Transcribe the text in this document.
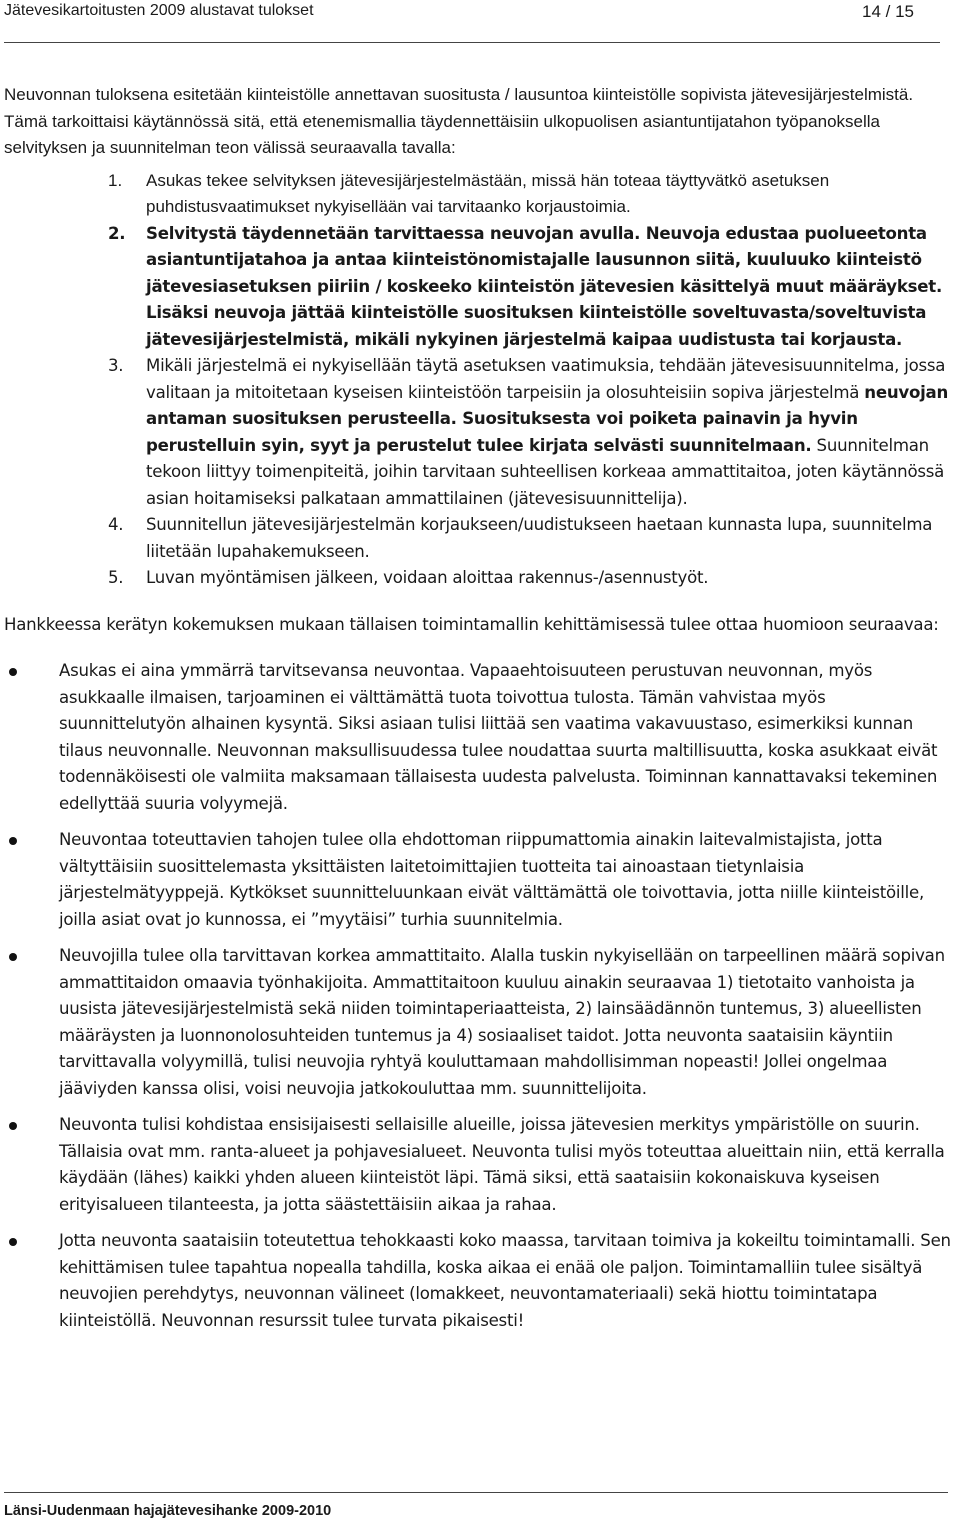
Jätevesikartoitusten 2009 alustavat tulokset	14 / 15

Neuvonnan tuloksena esitetään kiinteistölle annettavan suositusta / lausuntoa kiinteistölle sopivista jätevesijärjestelmistä. Tämä tarkoittaisi käytännössä sitä, että etenemismallia täydennettäisiin ulkopuolisen asiantuntijatahon työpanoksella selvityksen ja suunnitelman teon välissä seuraavalla tavalla:

1. Asukas tekee selvityksen jätevesijärjestelmästään, missä hän toteaa täyttyvätkö asetuksen puhdistusvaatimukset nykyisellään vai tarvitaanko korjaustoimia.
2. Selvitystä täydennetään tarvittaessa neuvojan avulla. Neuvoja edustaa puolueetonta asiantuntijatahoa ja antaa kiinteistönomistajalle lausunnon siitä, kuuluuko kiinteistö jätevesiasetuksen piiriin / koskeeko kiinteistön jätevesien käsittelyä muut määräykset. Lisäksi neuvoja jättää kiinteistölle suosituksen kiinteistölle soveltuvasta/soveltuvista jätevesijärjestelmistä, mikäli nykyinen järjestelmä kaipaa uudistusta tai korjausta.
3. Mikäli järjestelmä ei nykyisellään täytä asetuksen vaatimuksia, tehdään jätevesisuunnitelma, jossa valitaan ja mitoitetaan kyseisen kiinteistöön tarpeisiin ja olosuhteisiin sopiva järjestelmä neuvojan antaman suosituksen perusteella. Suosituksesta voi poiketa painavin ja hyvin perustelluin syin, syyt ja perustelut tulee kirjata selvästi suunnitelmaan. Suunnitelman tekoon liittyy toimenpiteitä, joihin tarvitaan suhteellisen korkeaa ammattitaitoa, joten käytännössä asian hoitamiseksi palkataan ammattilainen (jätevesisuunnittelija).
4. Suunnitellun jätevesijärjestelmän korjaukseen/uudistukseen haetaan kunnasta lupa, suunnitelma liitetään lupahakemukseen.
5. Luvan myöntämisen jälkeen, voidaan aloittaa rakennus-/asennustyöt.

Hankkeessa kerätyn kokemuksen mukaan tällaisen toimintamallin kehittämisessä tulee ottaa huomioon seuraavaa:

Asukas ei aina ymmärrä tarvitsevansa neuvontaa. Vapaaehtoisuuteen perustuvan neuvonnan, myös asukkaalle ilmaisen, tarjoaminen ei välttämättä tuota toivottua tulosta. Tämän vahvistaa myös suunnittelutyön alhainen kysyntä. Siksi asiaan tulisi liittää sen vaatima vakavuustaso, esimerkiksi kunnan tilaus neuvonnalle. Neuvonnan maksullisuudessa tulee noudattaa suurta maltillisuutta, koska asukkaat eivät todennäköisesti ole valmiita maksamaan tällaisesta uudesta palvelusta. Toiminnan kannattavaksi tekeminen edellyttää suuria volyymejä.
Neuvontaa toteuttavien tahojen tulee olla ehdottoman riippumattomia ainakin laitevalmistajista, jotta vältyttäisiin suosittelemasta yksittäisten laitetoimittajien tuotteita tai ainoastaan tietynlaisia järjestelmätyyppejä. Kytkökset suunnitteluunkaan eivät välttämättä ole toivottavia, jotta niille kiinteistöille, joilla asiat ovat jo kunnossa, ei ”myytäisi” turhia suunnitelmia.
Neuvojilla tulee olla tarvittavan korkea ammattitaito. Alalla tuskin nykyisellään on tarpeellinen määrä sopivan ammattitaidon omaavia työnhakijoita. Ammattitaitoon kuuluu ainakin seuraavaa 1) tietotaito vanhoista ja uusista jätevesijärjestelmistä sekä niiden toimintaperiaatteista, 2) lainsäädännön tuntemus, 3) alueellisten määräysten ja luonnonolosuhteiden tuntemus ja 4) sosiaaliset taidot. Jotta neuvonta saataisiin käyntiin tarvittavalla volyymillä, tulisi neuvojia ryhtyä kouluttamaan mahdollisimman nopeasti! Jollei ongelmaa jääviyden kanssa olisi, voisi neuvojia jatkokouluttaa mm. suunnittelijoita.
Neuvonta tulisi kohdistaa ensisijaisesti sellaisille alueille, joissa jätevesien merkitys ympäristölle on suurin. Tällaisia ovat mm. ranta-alueet ja pohjavesialueet. Neuvonta tulisi myös toteuttaa alueittain niin, että kerralla käydään (lähes) kaikki yhden alueen kiinteistöt läpi. Tämä siksi, että saataisiin kokonaiskuva kyseisen erityisalueen tilanteesta, ja jotta säästettäisiin aikaa ja rahaa.
Jotta neuvonta saataisiin toteutettua tehokkaasti koko maassa, tarvitaan toimiva ja kokeiltu toimintamalli. Sen kehittämisen tulee tapahtua nopealla tahdilla, koska aikaa ei enää ole paljon. Toimintamalliin tulee sisältyä neuvojien perehdytys, neuvonnan välineet (lomakkeet, neuvontamateriaali) sekä hiottu toimintatapa kiinteistöllä. Neuvonnan resurssit tulee turvata pikaisesti!
Länsi-Uudenmaan hajajätevesihanke 2009-2010
